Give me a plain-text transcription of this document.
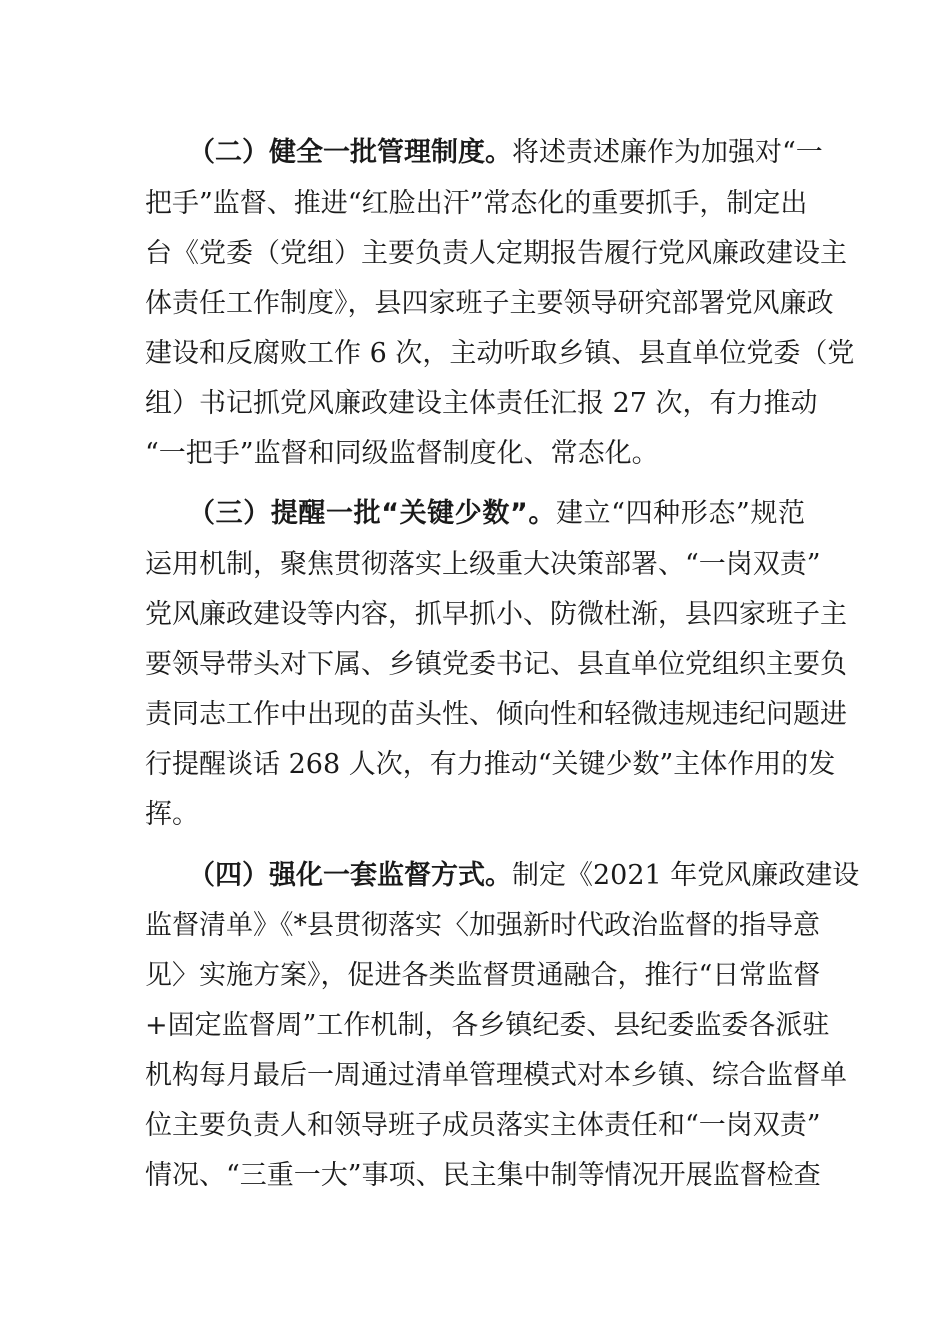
（二）健全一批管理制度。将述责述廉作为加强对“一
把手”监督、推进“红脸出汗”常态化的重要抓手，制定出
台《党委（党组）主要负责人定期报告履行党风廉政建设主
体责任工作制度》，县四家班子主要领导研究部署党风廉政
建设和反腐败工作 6 次，主动听取乡镇、县直单位党委（党
组）书记抓党风廉政建设主体责任汇报 27 次，有力推动
“一把手”监督和同级监督制度化、常态化。
（三）提醒一批“关键少数”。建立“四种形态”规范
运用机制，聚焦贯彻落实上级重大决策部署、“一岗双责”
党风廉政建设等内容，抓早抓小、防微杜渐，县四家班子主
要领导带头对下属、乡镇党委书记、县直单位党组织主要负
责同志工作中出现的苗头性、倾向性和轻微违规违纪问题进
行提醒谈话 268 人次，有力推动“关键少数”主体作用的发
挥。
（四）强化一套监督方式。制定《2021 年党风廉政建设
监督清单》《*县贯彻落实〈加强新时代政治监督的指导意
见〉实施方案》，促进各类监督贯通融合，推行“日常监督
+固定监督周”工作机制，各乡镇纪委、县纪委监委各派驻
机构每月最后一周通过清单管理模式对本乡镇、综合监督单
位主要负责人和领导班子成员落实主体责任和“一岗双责”
情况、“三重一大”事项、民主集中制等情况开展监督检查
